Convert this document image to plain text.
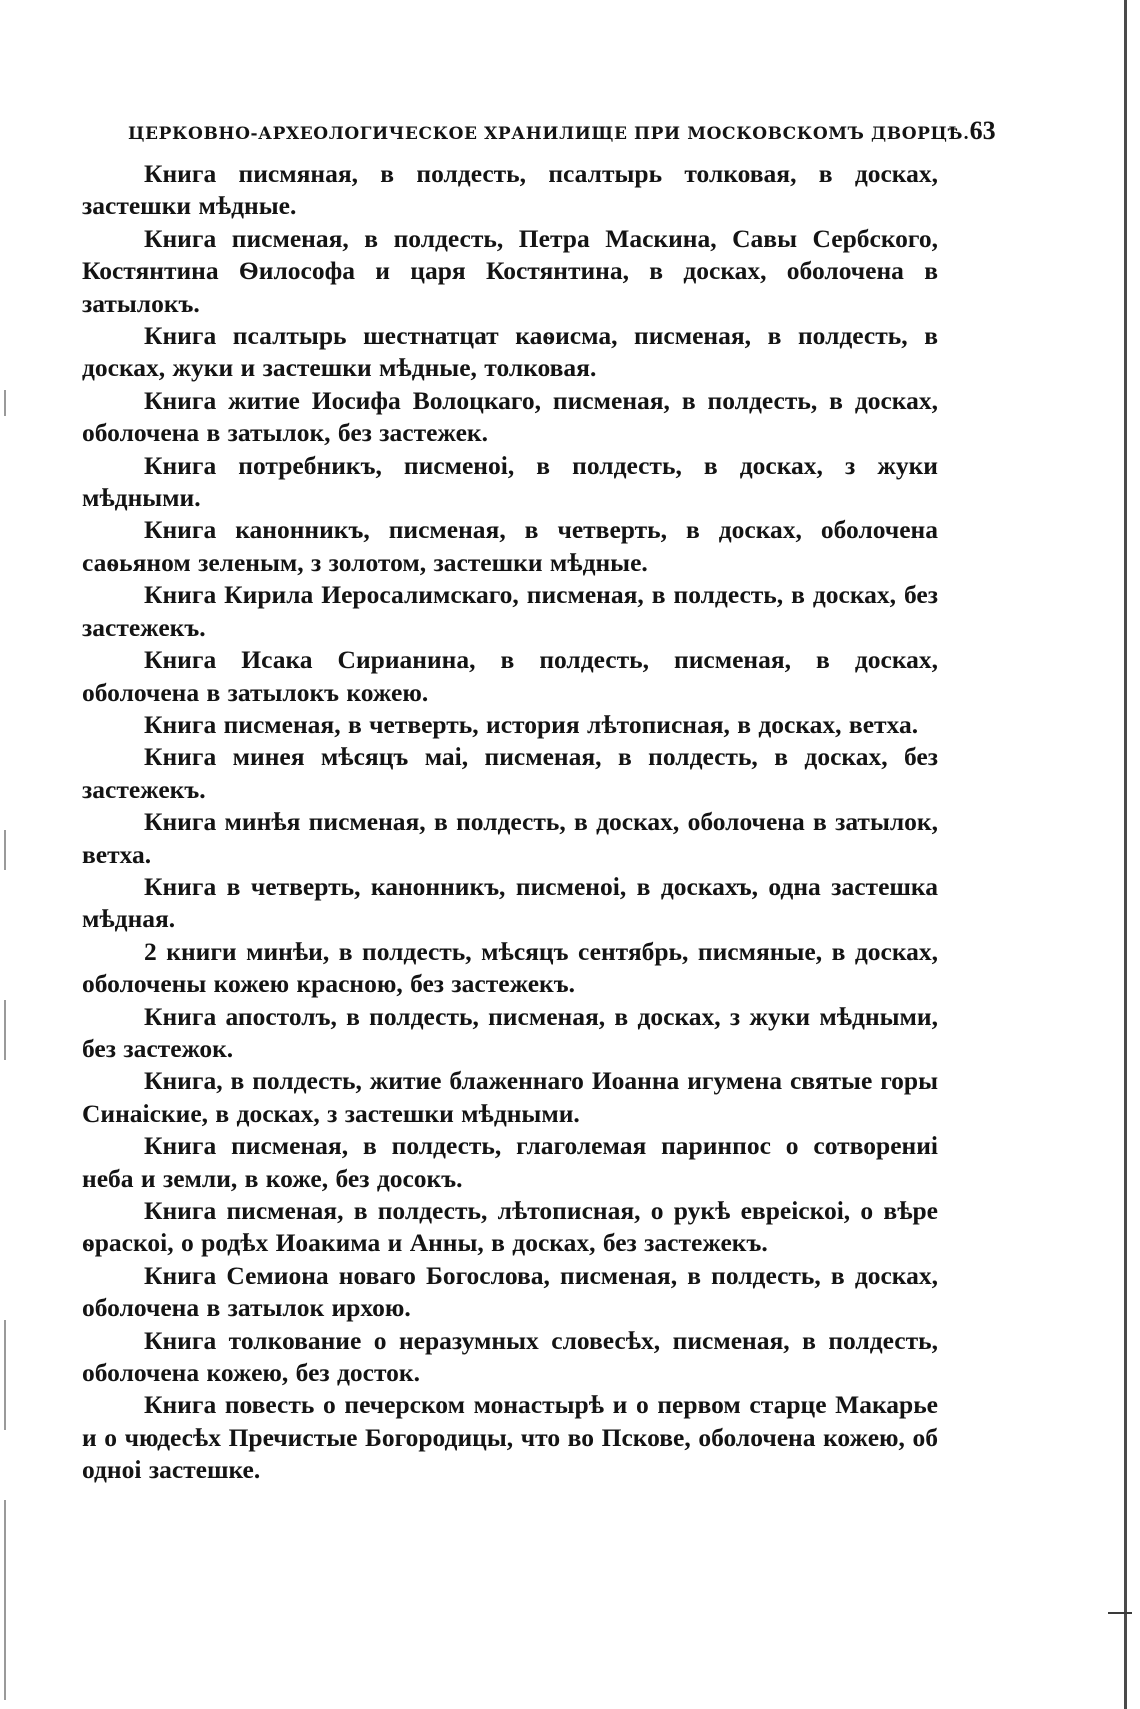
ЦЕРКОВНО-АРХЕОЛОГИЧЕСКОЕ ХРАНИЛИЩЕ ПРИ МОСКОВСКОМЪ ДВОРЦѢ. 63

Книга писмяная, в полдесть, псалтырь толковая, в досках, застешки мѣдные.

Книга писменая, в полдесть, Петра Маскина, Савы Сербского, Костянтина Ѳилософа и царя Костянтина, в досках, оболочена в затылокъ.

Книга псалтырь шестнатцат каѳисма, писменая, в полдесть, в досках, жуки и застешки мѣдные, толковая.

Книга житие Иосифа Волоцкаго, писменая, в полдесть, в досках, оболочена в затылок, без застежек.

Книга потребникъ, писменоі, в полдесть, в досках, з жуки мѣдными.

Книга канонникъ, писменая, в четверть, в досках, оболочена саѳьяном зеленым, з золотом, застешки мѣдные.

Книга Кирила Иеросалимскаго, писменая, в полдесть, в досках, без застежекъ.

Книга Исака Сирианина, в полдесть, писменая, в досках, оболочена в затылокъ кожею.

Книга писменая, в четверть, история лѣтописная, в досках, ветха.

Книга минея мѣсяцъ маі, писменая, в полдесть, в досках, без застежекъ.

Книга минѣя писменая, в полдесть, в досках, оболочена в затылок, ветха.

Книга в четверть, канонникъ, писменоі, в доскахъ, одна застешка мѣдная.

2 книги минѣи, в полдесть, мѣсяцъ сентябрь, писмяные, в досках, оболочены кожею красною, без застежекъ.

Книга апостолъ, в полдесть, писменая, в досках, з жуки мѣдными, без застежок.

Книга, в полдесть, житие блаженнаго Иоанна игумена святые горы Синаіские, в досках, з застешки мѣдными.

Книга писменая, в полдесть, глаголемая паринпос о сотворениі неба и земли, в коже, без досокъ.

Книга писменая, в полдесть, лѣтописная, о рукѣ евреіскоі, о вѣре ѳраскоі, о родѣх Иоакима и Анны, в досках, без застежекъ.

Книга Семиона новаго Богослова, писменая, в полдесть, в досках, оболочена в затылок ирхою.

Книга толкование о неразумных словесѣх, писменая, в полдесть, оболочена кожею, без досток.

Книга повесть о печерском монастырѣ и о первом старце Макарье и о чюдесѣх Пречистые Богородицы, что во Пскове, оболочена кожею, об одноі застешке.
